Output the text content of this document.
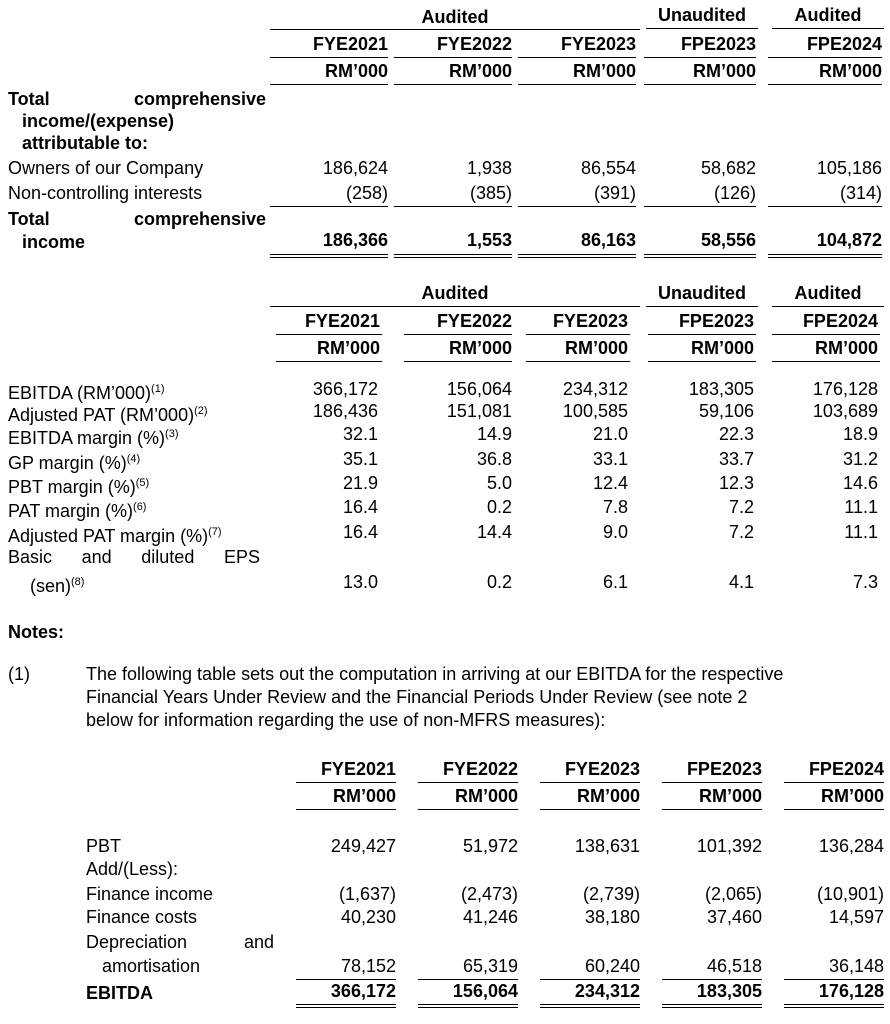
Audited	Unaudited	Audited
FYE2021	FYE2022	FYE2023	FPE2023	FPE2024
RM’000	RM’000	RM’000	RM’000	RM’000
Total	comprehensive
income/(expense)
attributable to:
Owners of our Company	186,624	1,938	86,554	58,682	105,186
Non-controlling interests	(258)	(385)	(391)	(126)	(314)
Total	comprehensive
income	186,366	1,553	86,163	58,556	104,872
Audited	Unaudited	Audited
FYE2021	FYE2022	FYE2023	FPE2023	FPE2024
RM’000	RM’000	RM’000	RM’000	RM’000
EBITDA (RM’000)$^{(1)}$	366,172	156,064	234,312	183,305	176,128
Adjusted PAT (RM’000)$^{(2)}$	186,436	151,081	100,585	59,106	103,689
EBITDA margin (%)$^{(3)}$	32.1	14.9	21.0	22.3	18.9
GP margin (%)$^{(4)}$	35.1	36.8	33.1	33.7	31.2
PBT margin (%)$^{(5)}$	21.9	5.0	12.4	12.3	14.6
PAT margin (%)$^{(6)}$	16.4	0.2	7.8	7.2	11.1
Adjusted PAT margin (%)$^{(7)}$	16.4	14.4	9.0	7.2	11.1
Basic and diluted EPS
(sen)$^{(8)}$	13.0	0.2	6.1	4.1	7.3
Notes:
(1)	The following table sets out the computation in arriving at our EBITDA for the respective
Financial Years Under Review and the Financial Periods Under Review (see note 2
below for information regarding the use of non-MFRS measures):
FYE2021	FYE2022	FYE2023	FPE2023	FPE2024
RM’000	RM’000	RM’000	RM’000	RM’000
PBT	249,427	51,972	138,631	101,392	136,284
Add/(Less):
Finance income	(1,637)	(2,473)	(2,739)	(2,065)	(10,901)
Finance costs	40,230	41,246	38,180	37,460	14,597
Depreciation	and
amortisation	78,152	65,319	60,240	46,518	36,148
EBITDA	366,172	156,064	234,312	183,305	176,128
